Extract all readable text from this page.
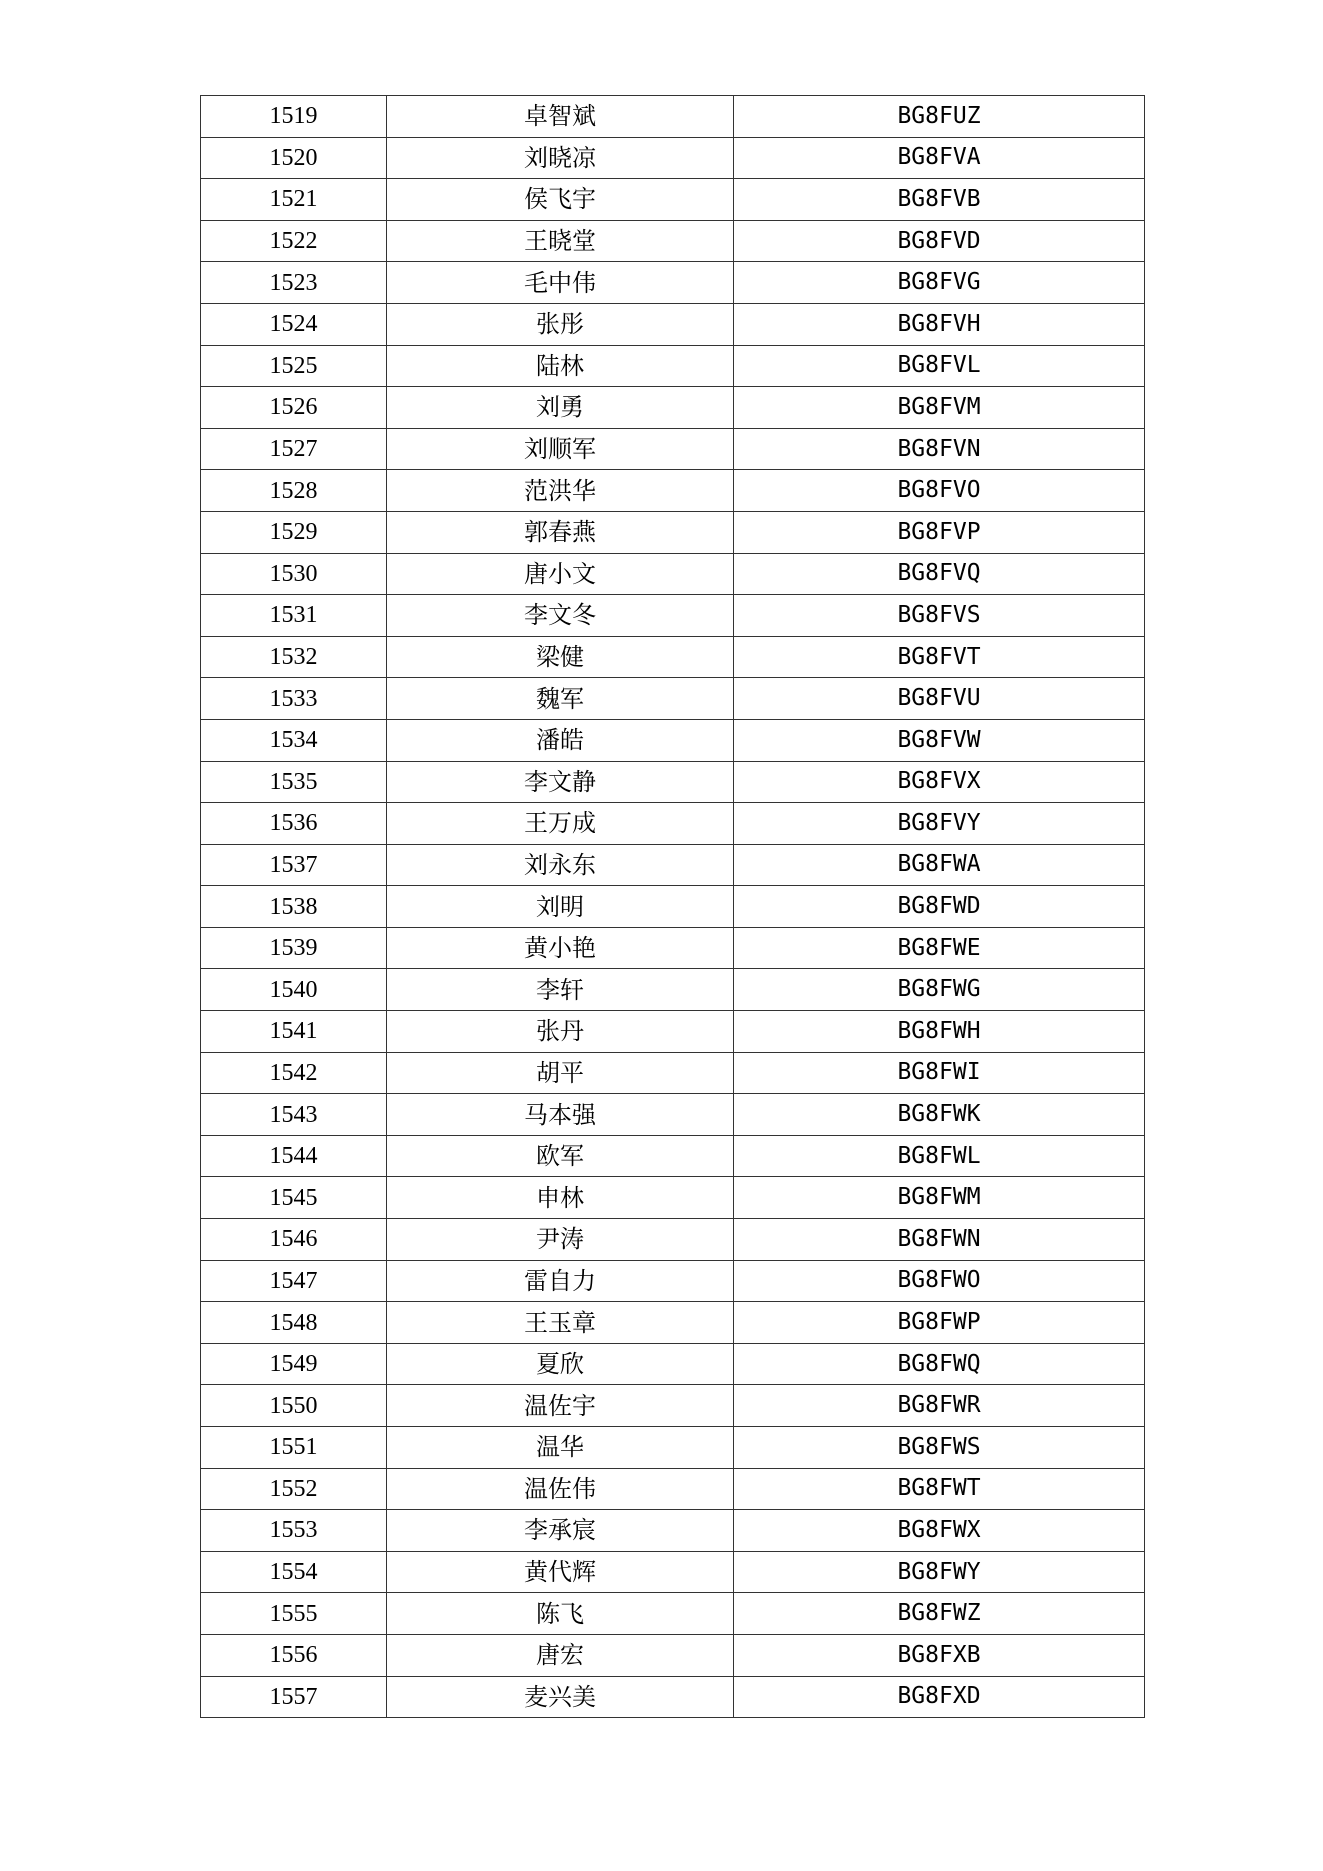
1519	卓智斌	BG8FUZ
1520	刘晓凉	BG8FVA
1521	侯飞宇	BG8FVB
1522	王晓堂	BG8FVD
1523	毛中伟	BG8FVG
1524	张彤	BG8FVH
1525	陆林	BG8FVL
1526	刘勇	BG8FVM
1527	刘顺军	BG8FVN
1528	范洪华	BG8FVO
1529	郭春燕	BG8FVP
1530	唐小文	BG8FVQ
1531	李文冬	BG8FVS
1532	梁健	BG8FVT
1533	魏军	BG8FVU
1534	潘皓	BG8FVW
1535	李文静	BG8FVX
1536	王万成	BG8FVY
1537	刘永东	BG8FWA
1538	刘明	BG8FWD
1539	黄小艳	BG8FWE
1540	李轩	BG8FWG
1541	张丹	BG8FWH
1542	胡平	BG8FWI
1543	马本强	BG8FWK
1544	欧军	BG8FWL
1545	申林	BG8FWM
1546	尹涛	BG8FWN
1547	雷自力	BG8FWO
1548	王玉章	BG8FWP
1549	夏欣	BG8FWQ
1550	温佐宇	BG8FWR
1551	温华	BG8FWS
1552	温佐伟	BG8FWT
1553	李承宸	BG8FWX
1554	黄代辉	BG8FWY
1555	陈飞	BG8FWZ
1556	唐宏	BG8FXB
1557	麦兴美	BG8FXD
